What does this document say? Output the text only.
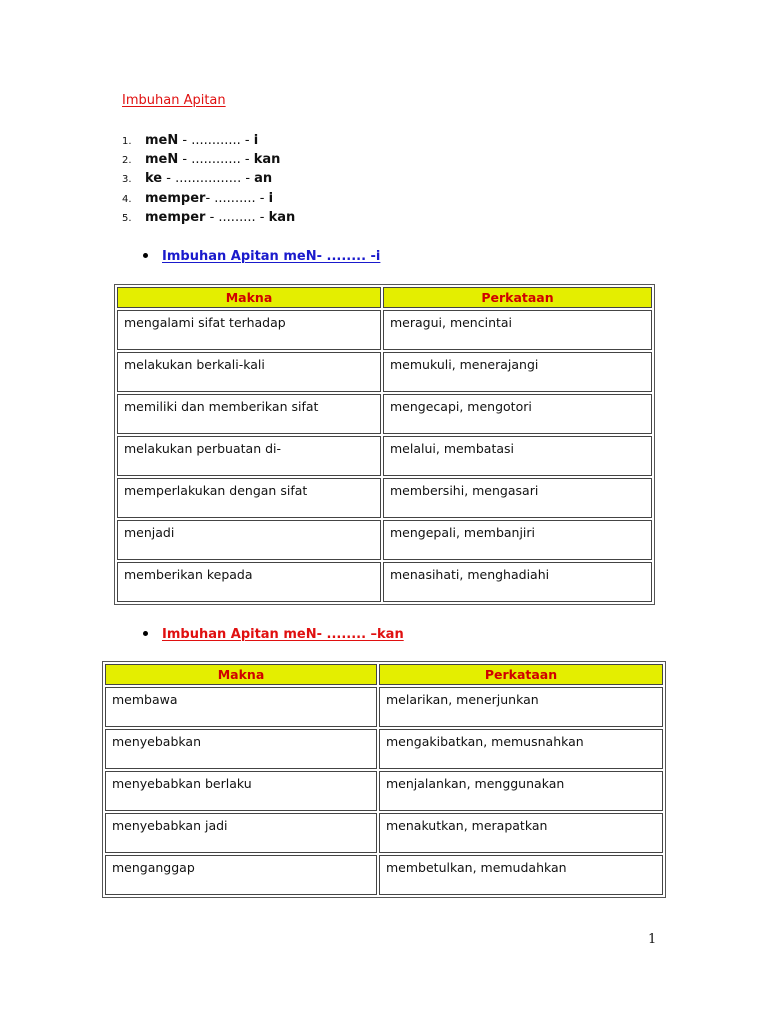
Imbuhan Apitan
1. meN - ............ - i
2. meN - ............ - kan
3. ke - ................ - an
4. memper- .......... - i
5. memper - ......... - kan
Imbuhan Apitan meN- ........ -i
Makna	Perkataan
mengalami sifat terhadap	meragui, mencintai
melakukan berkali-kali	memukuli, menerajangi
memiliki dan memberikan sifat	mengecapi, mengotori
melakukan perbuatan di-	melalui, membatasi
memperlakukan dengan sifat	membersihi, mengasari
menjadi	mengepali, membanjiri
memberikan kepada	menasihati, menghadiahi
Imbuhan Apitan meN- ........ –kan
Makna	Perkataan
membawa	melarikan, menerjunkan
menyebabkan	mengakibatkan, memusnahkan
menyebabkan berlaku	menjalankan, menggunakan
menyebabkan jadi	menakutkan, merapatkan
menganggap	membetulkan, memudahkan
1
